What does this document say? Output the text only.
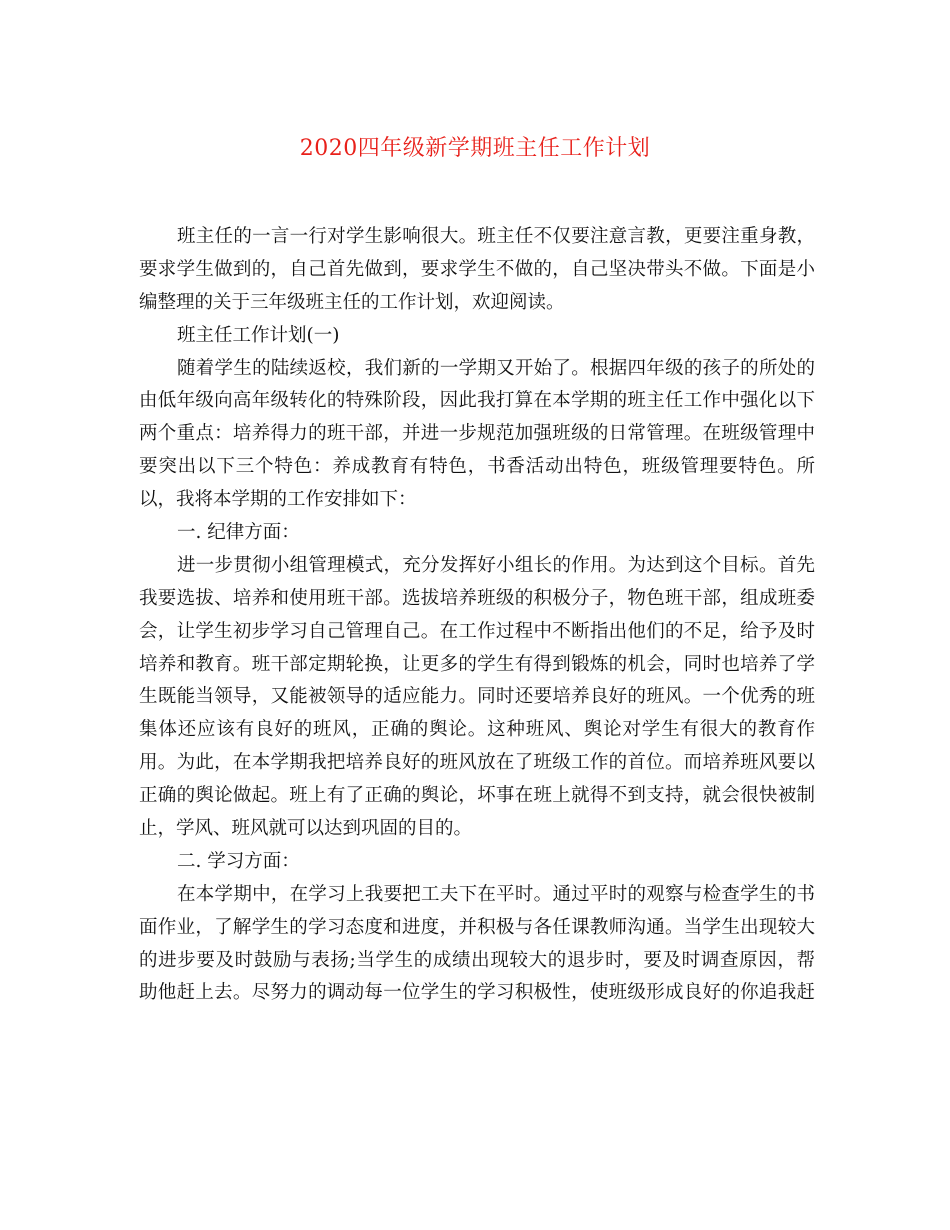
2020四年级新学期班主任工作计划
班主任的一言一行对学生影响很大。班主任不仅要注意言教，更要注重身教，
要求学生做到的，自己首先做到，要求学生不做的，自己坚决带头不做。下面是小
编整理的关于三年级班主任的工作计划，欢迎阅读。
班主任工作计划(一)
随着学生的陆续返校，我们新的一学期又开始了。根据四年级的孩子的所处的
由低年级向高年级转化的特殊阶段，因此我打算在本学期的班主任工作中强化以下
两个重点：培养得力的班干部，并进一步规范加强班级的日常管理。在班级管理中
要突出以下三个特色：养成教育有特色，书香活动出特色，班级管理要特色。所
以，我将本学期的工作安排如下：
一. 纪律方面：
进一步贯彻小组管理模式，充分发挥好小组长的作用。为达到这个目标。首先
我要选拔、培养和使用班干部。选拔培养班级的积极分子，物色班干部，组成班委
会，让学生初步学习自己管理自己。在工作过程中不断指出他们的不足，给予及时
培养和教育。班干部定期轮换，让更多的学生有得到锻炼的机会，同时也培养了学
生既能当领导，又能被领导的适应能力。同时还要培养良好的班风。一个优秀的班
集体还应该有良好的班风，正确的舆论。这种班风、舆论对学生有很大的教育作
用。为此，在本学期我把培养良好的班风放在了班级工作的首位。而培养班风要以
正确的舆论做起。班上有了正确的舆论，坏事在班上就得不到支持，就会很快被制
止，学风、班风就可以达到巩固的目的。
二. 学习方面：
在本学期中，在学习上我要把工夫下在平时。通过平时的观察与检查学生的书
面作业，了解学生的学习态度和进度，并积极与各任课教师沟通。当学生出现较大
的进步要及时鼓励与表扬;当学生的成绩出现较大的退步时，要及时调查原因，帮
助他赶上去。尽努力的调动每一位学生的学习积极性，使班级形成良好的你追我赶
